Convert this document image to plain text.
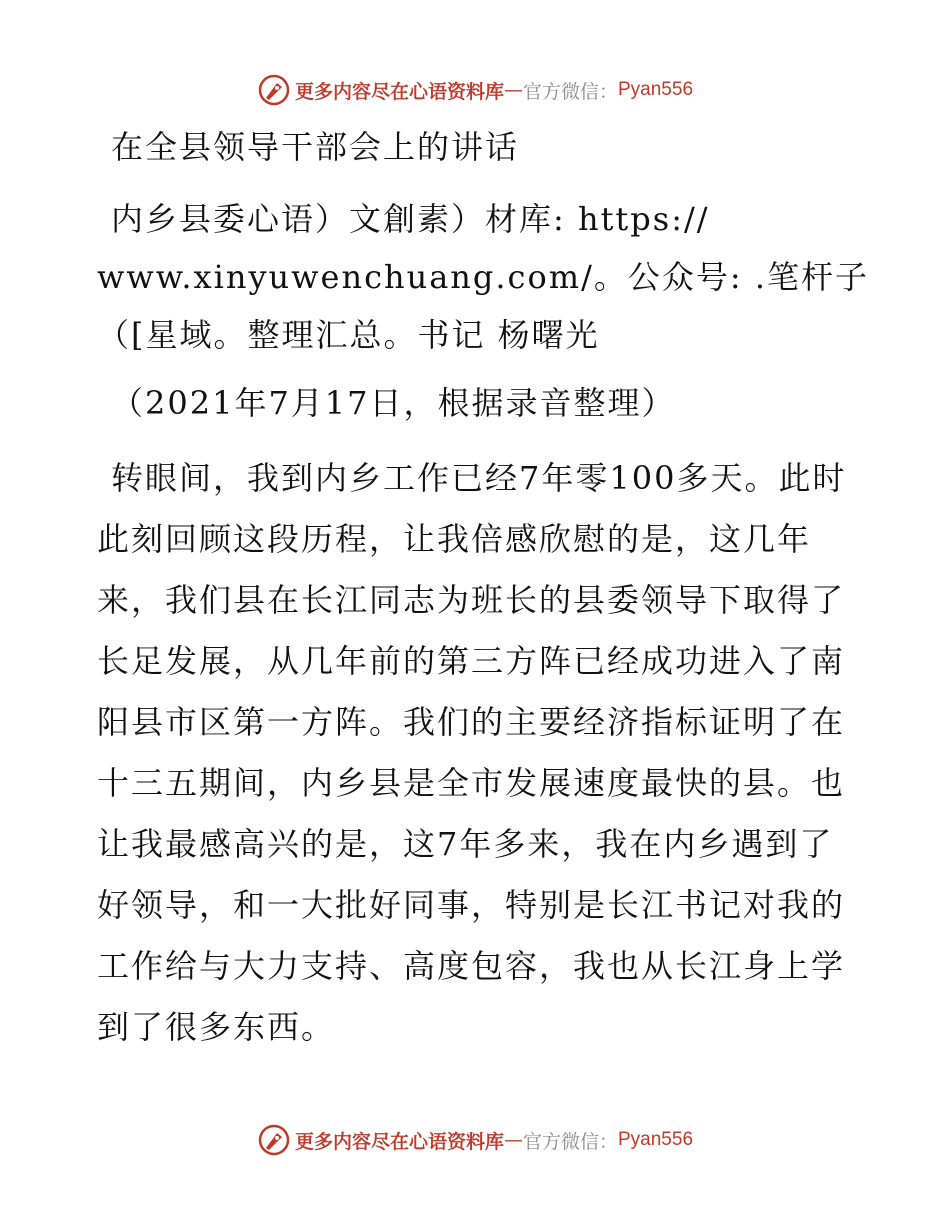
更多内容尽在心语资料库 — 官方微信： Pyan556
在全县领导干部会上的讲话
内乡县委心语）文創素）材库: https://
www.xinyuwenchuang.com/。公众号: .笔杆子
（[星域。整理汇总。书记 杨曙光
（2021年7月17日，根据录音整理）
转眼间，我到内乡工作已经7年零100多天。此时
此刻回顾这段历程，让我倍感欣慰的是，这几年
来，我们县在长江同志为班长的县委领导下取得了
长足发展，从几年前的第三方阵已经成功进入了南
阳县市区第一方阵。我们的主要经济指标证明了在
十三五期间，内乡县是全市发展速度最快的县。也
让我最感高兴的是，这7年多来，我在内乡遇到了
好领导，和一大批好同事，特别是长江书记对我的
工作给与大力支持、高度包容，我也从长江身上学
到了很多东西。
更多内容尽在心语资料库 — 官方微信： Pyan556
